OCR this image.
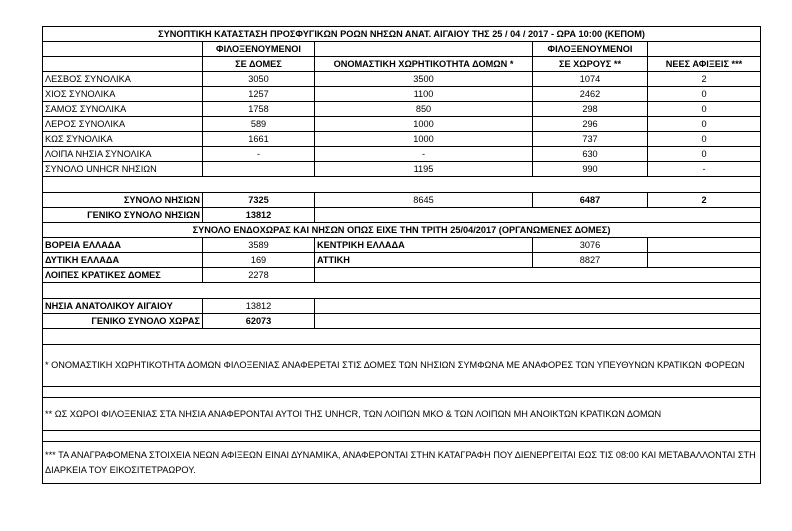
ΣΥΝΟΠΤΙΚΗ ΚΑΤΑΣΤΑΣΗ ΠΡΟΣΦΥΓΙΚΩΝ ΡΟΩΝ ΝΗΣΩΝ ΑΝΑΤ. ΑΙΓΑΙΟΥ ΤΗΣ 25 / 04 / 2017 - ΩΡΑ 10:00 (ΚΕΠΟΜ)				
	ΦΙΛΟΞΕΝΟΥΜΕΝΟΙ		ΦΙΛΟΞΕΝΟΥΜΕΝΟΙ	
	ΣΕ ΔΟΜΕΣ	ΟΝΟΜΑΣΤΙΚΗ ΧΩΡΗΤΙΚΟΤΗΤΑ ΔΟΜΩΝ *	ΣΕ ΧΩΡΟΥΣ **	ΝΕΕΣ ΑΦΙΞΕΙΣ ***
ΛΕΣΒΟΣ ΣΥΝΟΛΙΚΑ	3050	3500	1074	2
ΧΙΟΣ ΣΥΝΟΛΙΚΑ	1257	1100	2462	0
ΣΑΜΟΣ ΣΥΝΟΛΙΚΑ	1758	850	298	0
ΛΕΡΟΣ ΣΥΝΟΛΙΚΑ	589	1000	296	0
ΚΩΣ ΣΥΝΟΛΙΚΑ	1661	1000	737	0
ΛΟΙΠΑ ΝΗΣΙΑ ΣΥΝΟΛΙΚΑ	-	-	630	0
ΣΥΝΟΛΟ UNHCR ΝΗΣΙΩΝ		1195	990	-

ΣΥΝΟΛΟ ΝΗΣΙΩΝ	7325	8645	6487	2
ΓΕΝΙΚΟ ΣΥΝΟΛΟ ΝΗΣΙΩΝ	13812			
ΣΥΝΟΛΟ ΕΝΔΟΧΩΡΑΣ ΚΑΙ ΝΗΣΩΝ ΟΠΩΣ ΕΙΧΕ ΤΗΝ ΤΡΙΤΗ 25/04/2017 (ΟΡΓΑΝΩΜΕΝΕΣ ΔΟΜΕΣ)				
ΒΟΡΕΙΑ ΕΛΛΑΔΑ	3589	ΚΕΝΤΡΙΚΗ ΕΛΛΑΔΑ	3076	
ΔΥΤΙΚΗ ΕΛΛΑΔΑ	169	ΑΤΤΙΚΗ	8827	
ΛΟΙΠΕΣ ΚΡΑΤΙΚΕΣ ΔΟΜΕΣ	2278			

ΝΗΣΙΑ ΑΝΑΤΟΛΙΚΟΥ ΑΙΓΑΙΟΥ	13812			
ΓΕΝΙΚΟ ΣΥΝΟΛΟ ΧΩΡΑΣ	62073			

* ΟΝΟΜΑΣΤΙΚΗ ΧΩΡΗΤΙΚΟΤΗΤΑ ΔΟΜΩΝ ΦΙΛΟΞΕΝΙΑΣ ΑΝΑΦΕΡΕΤΑΙ ΣΤΙΣ ΔΟΜΕΣ ΤΩΝ ΝΗΣΙΩΝ ΣΥΜΦΩΝΑ ΜΕ ΑΝΑΦΟΡΕΣ ΤΩΝ ΥΠΕΥΘΥΝΩΝ ΚΡΑΤΙΚΩΝ ΦΟΡΕΩΝ				

** ΩΣ ΧΩΡΟΙ ΦΙΛΟΞΕΝΙΑΣ ΣΤΑ ΝΗΣΙΑ ΑΝΑΦΕΡΟΝΤΑΙ ΑΥΤΟΙ ΤΗΣ UNHCR, ΤΩΝ ΛΟΙΠΩΝ ΜΚΟ & ΤΩΝ ΛΟΙΠΩΝ ΜΗ ΑΝΟΙΚΤΩΝ ΚΡΑΤΙΚΩΝ ΔΟΜΩΝ				

*** ΤΑ ΑΝΑΓΡΑΦΟΜΕΝΑ ΣΤΟΙΧΕΙΑ ΝΕΩΝ ΑΦΙΞΕΩΝ ΕΙΝΑΙ ΔΥΝΑΜΙΚΑ, ΑΝΑΦΕΡΟΝΤΑΙ ΣΤΗΝ ΚΑΤΑΓΡΑΦΗ ΠΟΥ ΔΙΕΝΕΡΓΕΙΤΑΙ ΕΩΣ ΤΙΣ 08:00 ΚΑΙ ΜΕΤΑΒΑΛΛΟΝΤΑΙ ΣΤΗ ΔΙΑΡΚΕΙΑ ΤΟΥ ΕΙΚΟΣΙΤΕΤΡΑΩΡΟΥ.				
